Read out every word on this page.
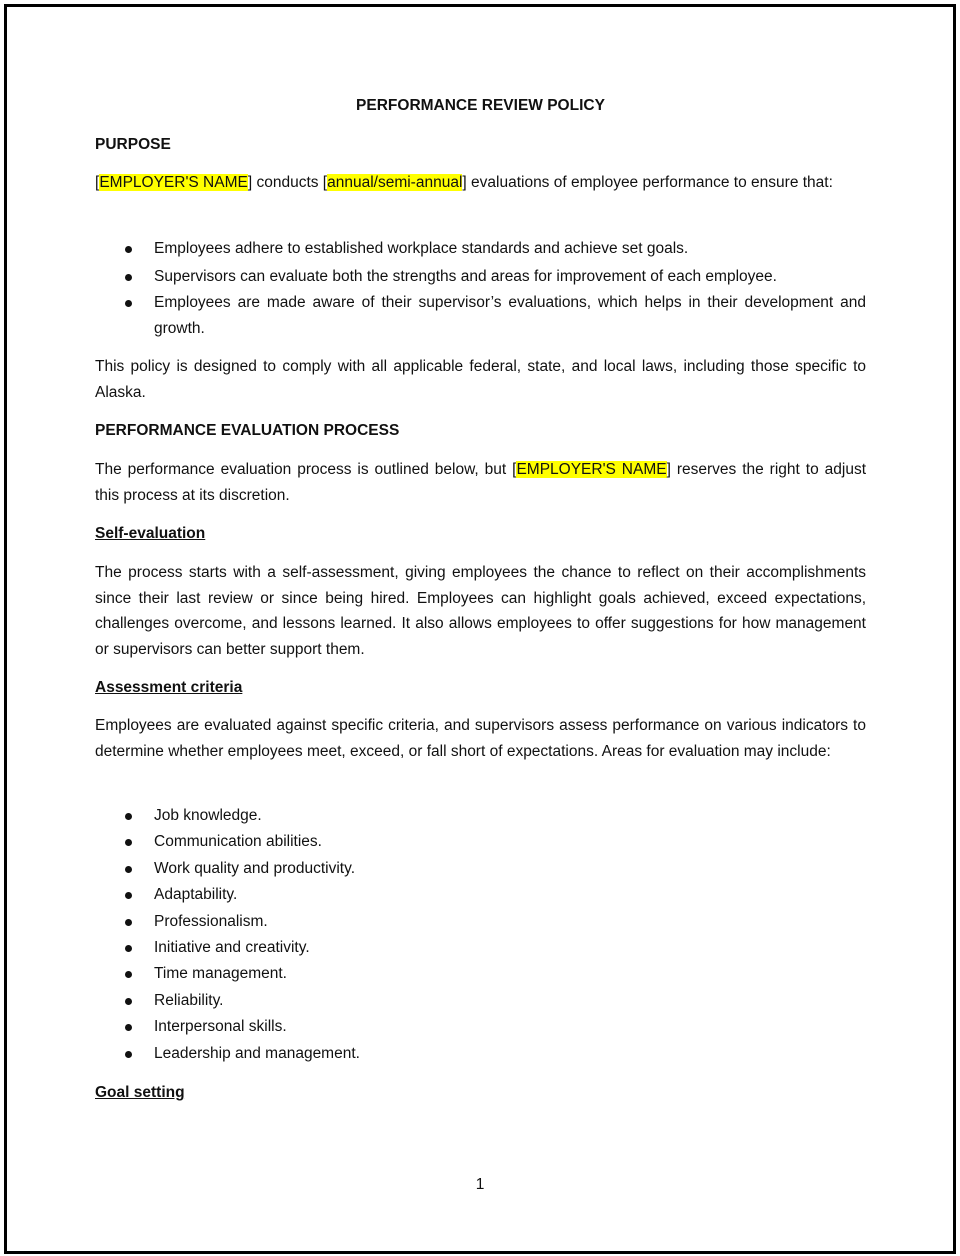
PERFORMANCE REVIEW POLICY
PURPOSE

[EMPLOYER'S NAME] conducts [annual/semi-annual] evaluations of employee performance to ensure that:

Employees adhere to established workplace standards and achieve set goals.
Supervisors can evaluate both the strengths and areas for improvement of each employee.
Employees are made aware of their supervisor’s evaluations, which helps in their development and growth.

This policy is designed to comply with all applicable federal, state, and local laws, including those specific to Alaska.

PERFORMANCE EVALUATION PROCESS

The performance evaluation process is outlined below, but [EMPLOYER'S NAME] reserves the right to adjust this process at its discretion.

Self-evaluation

The process starts with a self-assessment, giving employees the chance to reflect on their accomplishments since their last review or since being hired. Employees can highlight goals achieved, exceed expectations, challenges overcome, and lessons learned. It also allows employees to offer suggestions for how management or supervisors can better support them.

Assessment criteria

Employees are evaluated against specific criteria, and supervisors assess performance on various indicators to determine whether employees meet, exceed, or fall short of expectations. Areas for evaluation may include:

Job knowledge.
Communication abilities.
Work quality and productivity.
Adaptability.
Professionalism.
Initiative and creativity.
Time management.
Reliability.
Interpersonal skills.
Leadership and management.
Goal setting
1
